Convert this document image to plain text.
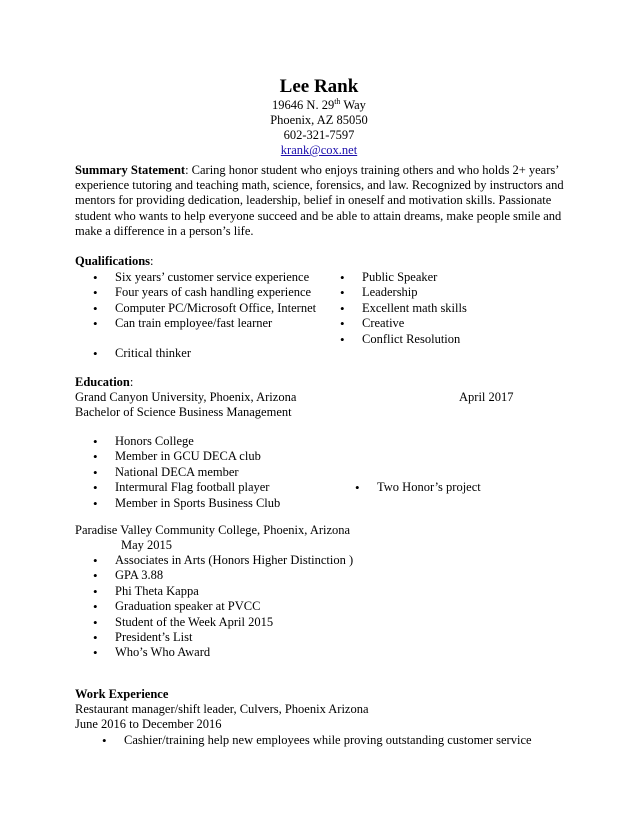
Lee Rank
19646 N. 29th Way
Phoenix, AZ 85050
602-321-7597
krank@cox.net
Summary Statement: Caring honor student who enjoys training others and who holds 2+ years’ experience tutoring and teaching math, science, forensics, and law. Recognized by instructors and mentors for providing dedication, leadership, belief in oneself and motivation skills. Passionate student who wants to help everyone succeed and be able to attain dreams, make people smile and make a difference in a person’s life.
Qualifications:
• Six years’ customer service experience
• Four years of cash handling experience
• Computer PC/Microsoft Office, Internet
• Can train employee/fast learner
• Critical thinker
• Public Speaker
• Leadership
• Excellent math skills
• Creative
• Conflict Resolution
Education:
Grand Canyon University, Phoenix, Arizona	April 2017
Bachelor of Science Business Management
• Honors College
• Member in GCU DECA club
• National DECA member
• Intermural Flag football player
• Member in Sports Business Club
• Two Honor’s project
Paradise Valley Community College, Phoenix, Arizona
May 2015
• Associates in Arts (Honors Higher Distinction )
• GPA 3.88
• Phi Theta Kappa
• Graduation speaker at PVCC
• Student of the Week April 2015
• President’s List
• Who’s Who Award
Work Experience
Restaurant manager/shift leader, Culvers, Phoenix Arizona
June 2016 to December 2016
• Cashier/training help new employees while proving outstanding customer service
